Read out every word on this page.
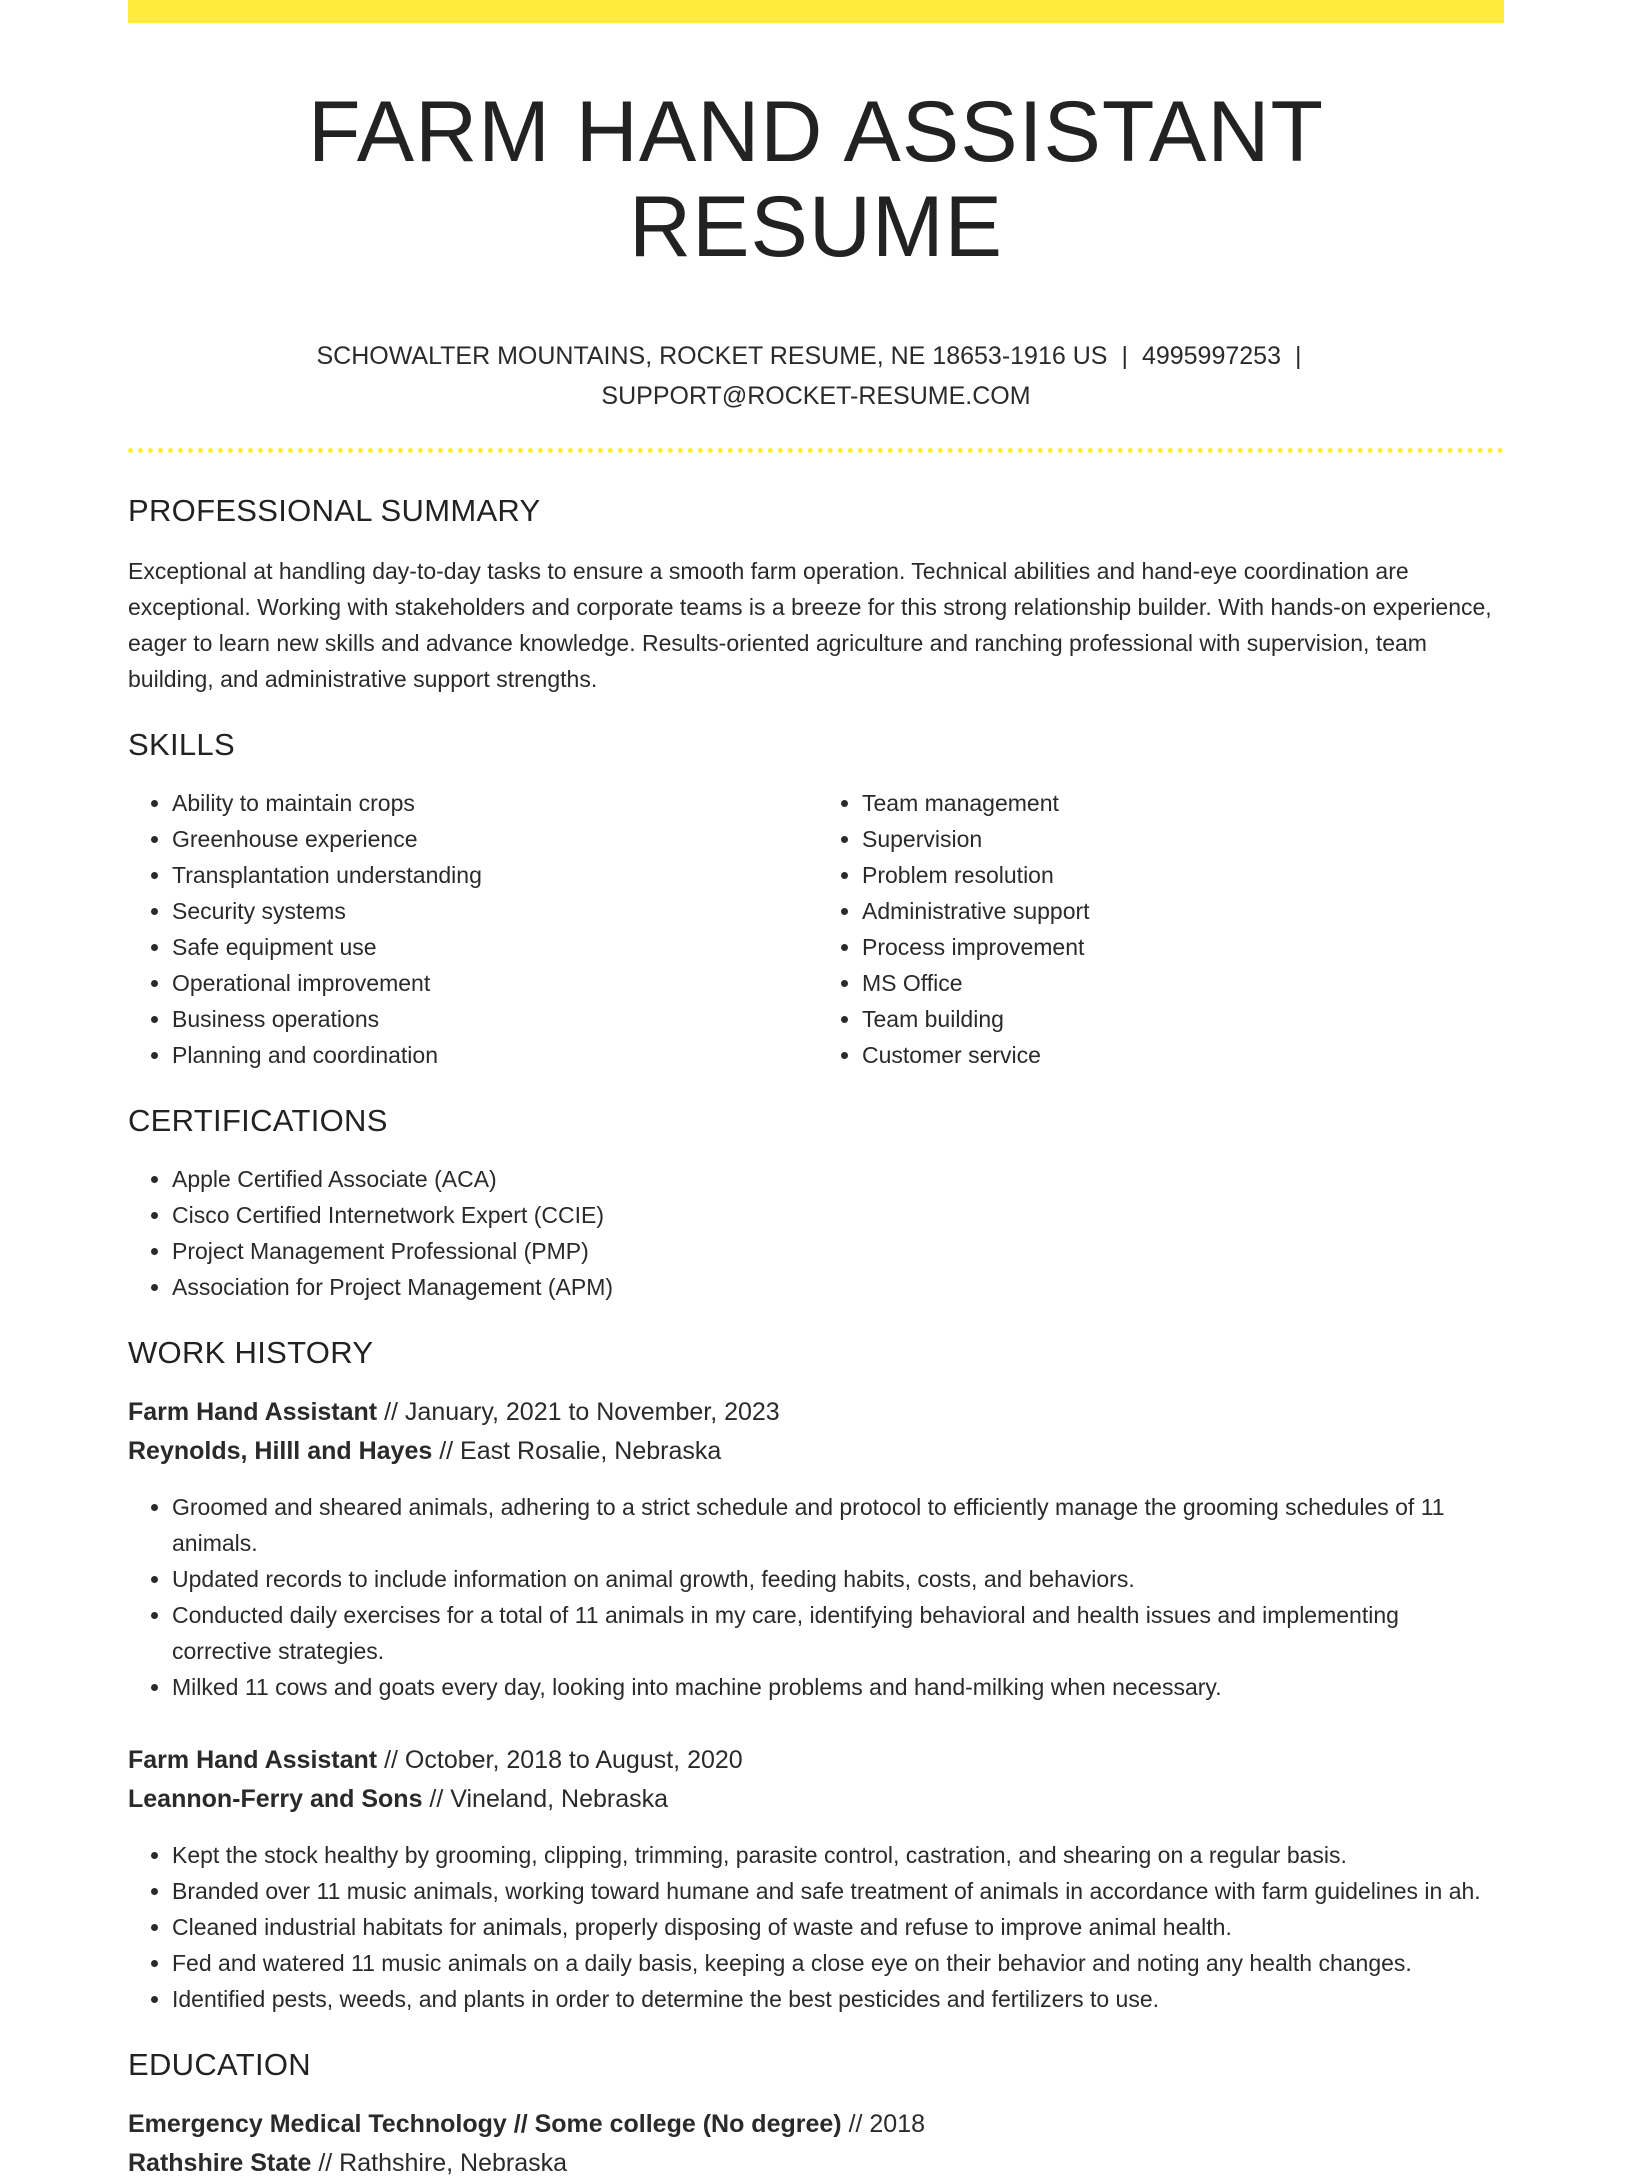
FARM HAND ASSISTANT RESUME
SCHOWALTER MOUNTAINS, ROCKET RESUME, NE 18653-1916 US | 4995997253 |
SUPPORT@ROCKET-RESUME.COM
PROFESSIONAL SUMMARY

Exceptional at handling day-to-day tasks to ensure a smooth farm operation. Technical abilities and hand-eye coordination are exceptional. Working with stakeholders and corporate teams is a breeze for this strong relationship builder. With hands-on experience, eager to learn new skills and advance knowledge. Results-oriented agriculture and ranching professional with supervision, team building, and administrative support strengths.

SKILLS
• Ability to maintain crops
• Greenhouse experience
• Transplantation understanding
• Security systems
• Safe equipment use
• Operational improvement
• Business operations
• Planning and coordination
• Team management
• Supervision
• Problem resolution
• Administrative support
• Process improvement
• MS Office
• Team building
• Customer service
CERTIFICATIONS
• Apple Certified Associate (ACA)
• Cisco Certified Internetwork Expert (CCIE)
• Project Management Professional (PMP)
• Association for Project Management (APM)
WORK HISTORY
Farm Hand Assistant // January, 2021 to November, 2023
Reynolds, Hilll and Hayes // East Rosalie, Nebraska
• Groomed and sheared animals, adhering to a strict schedule and protocol to efficiently manage the grooming schedules of 11 animals.
• Updated records to include information on animal growth, feeding habits, costs, and behaviors.
• Conducted daily exercises for a total of 11 animals in my care, identifying behavioral and health issues and implementing corrective strategies.
• Milked 11 cows and goats every day, looking into machine problems and hand-milking when necessary.
Farm Hand Assistant // October, 2018 to August, 2020
Leannon-Ferry and Sons // Vineland, Nebraska
• Kept the stock healthy by grooming, clipping, trimming, parasite control, castration, and shearing on a regular basis.
• Branded over 11 music animals, working toward humane and safe treatment of animals in accordance with farm guidelines in ah.
• Cleaned industrial habitats for animals, properly disposing of waste and refuse to improve animal health.
• Fed and watered 11 music animals on a daily basis, keeping a close eye on their behavior and noting any health changes.
• Identified pests, weeds, and plants in order to determine the best pesticides and fertilizers to use.
EDUCATION
Emergency Medical Technology // Some college (No degree) // 2018
Rathshire State // Rathshire, Nebraska
